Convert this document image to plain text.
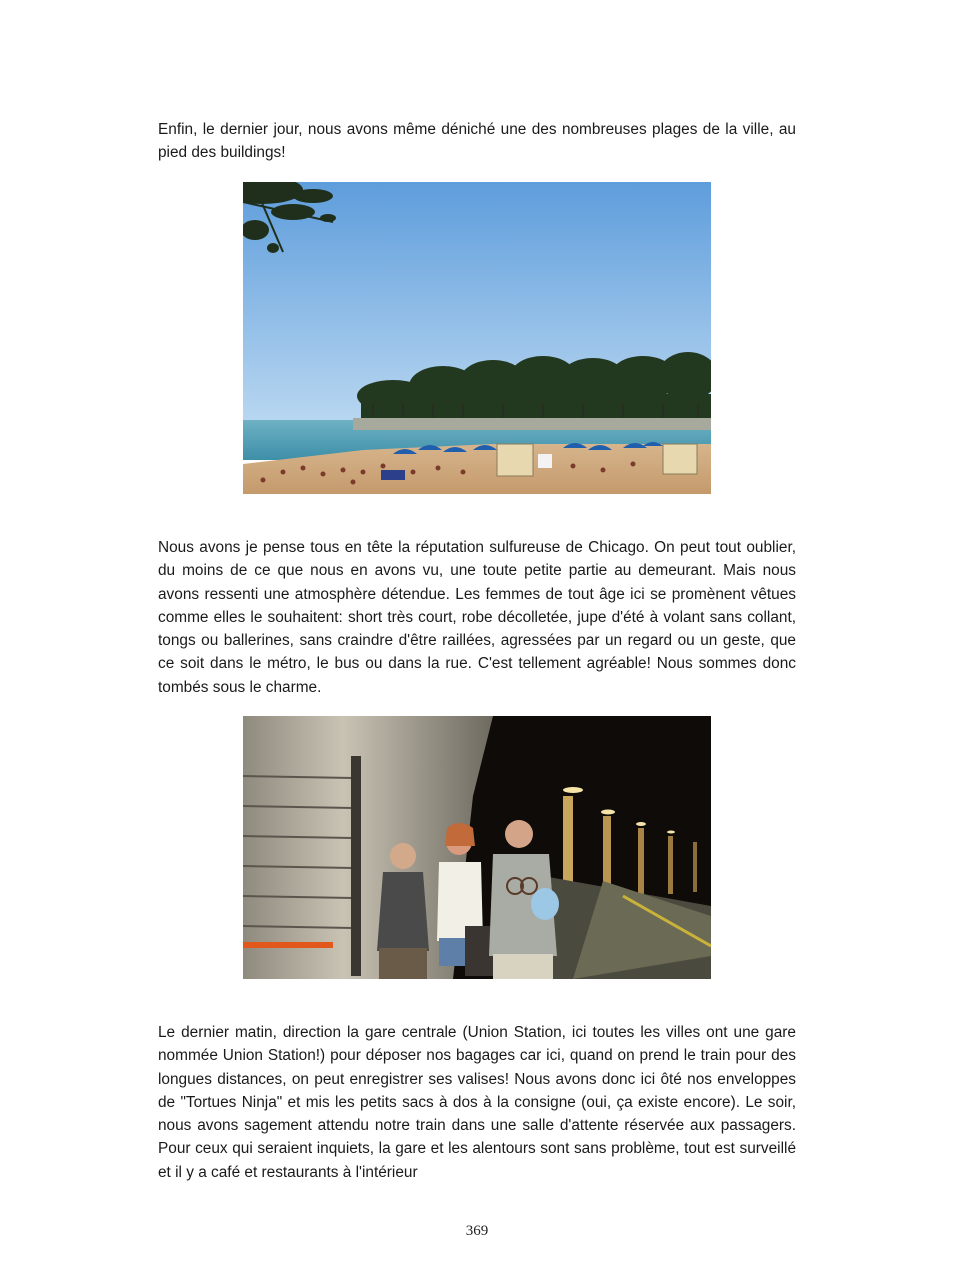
Enfin, le dernier jour, nous avons même déniché une des nombreuses plages de la ville, au pied des buildings!

Nous avons je pense tous en tête la réputation sulfureuse de Chicago. On peut tout oublier, du moins de ce que nous en avons vu, une toute petite partie au demeurant. Mais nous avons ressenti une atmosphère détendue. Les femmes de tout âge ici se promènent vêtues comme elles le souhaitent: short très court, robe décolletée, jupe d'été à volant sans collant, tongs ou ballerines, sans craindre d'être raillées, agressées par un regard ou un geste, que ce soit dans le métro, le bus ou dans la rue. C'est tellement agréable! Nous sommes donc tombés sous le charme.

Le dernier matin, direction la gare centrale (Union Station, ici toutes les villes ont une gare nommée Union Station!) pour déposer nos bagages car ici, quand on prend le train pour des longues distances, on peut enregistrer ses valises! Nous avons donc ici ôté nos enveloppes de "Tortues Ninja" et mis les petits sacs à dos à la consigne (oui, ça existe encore). Le soir, nous avons sagement attendu notre train dans une salle d'attente réservée aux passagers. Pour ceux qui seraient inquiets, la gare et les alentours sont sans problème, tout est surveillé et il y a café et restaurants à l'intérieur

369
